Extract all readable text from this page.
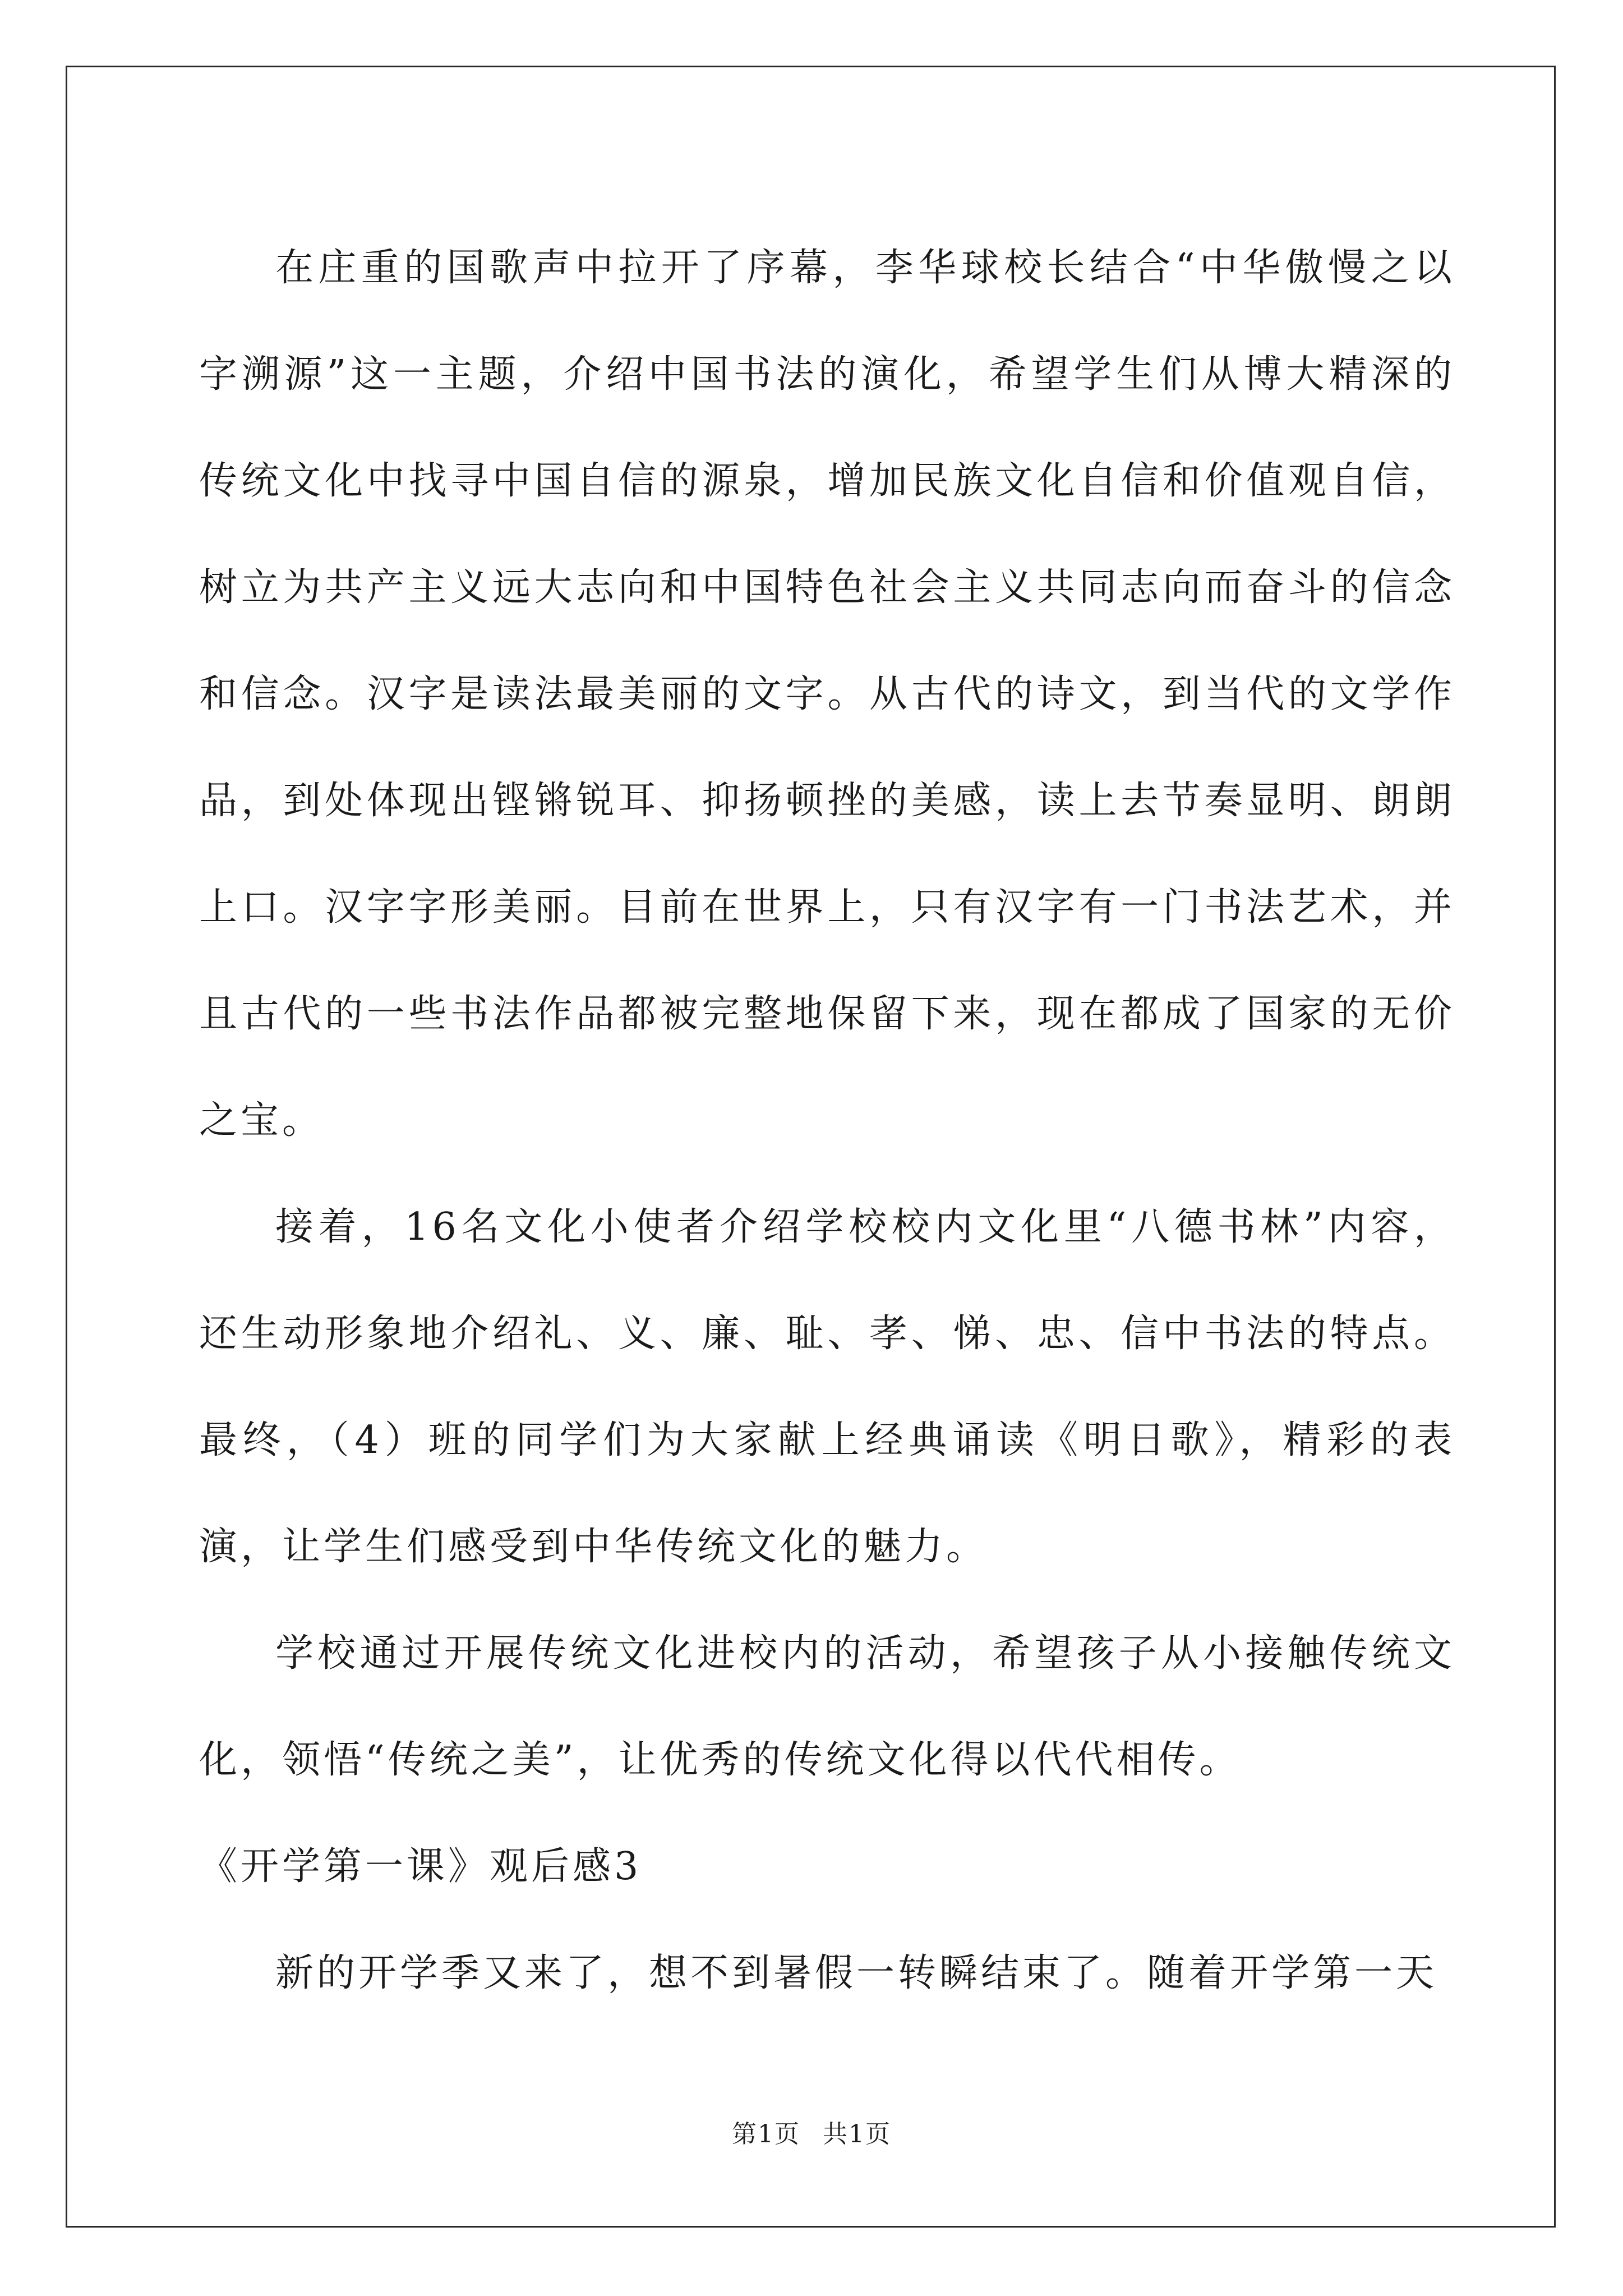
在庄重的国歌声中拉开了序幕，李华球校长结合“中华傲慢之以字溯源”这一主题，介绍中国书法的演化，希望学生们从博大精深的传统文化中找寻中国自信的源泉，增加民族文化自信和价值观自信，树立为共产主义远大志向和中国特色社会主义共同志向而奋斗的信念和信念。汉字是读法最美丽的文字。从古代的诗文，到当代的文学作品，到处体现出铿锵锐耳、抑扬顿挫的美感，读上去节奏显明、朗朗上口。汉字字形美丽。目前在世界上，只有汉字有一门书法艺术，并且古代的一些书法作品都被完整地保留下来，现在都成了国家的无价之宝。

接着，16名文化小使者介绍学校校内文化里“八德书林”内容，还生动形象地介绍礼、义、廉、耻、孝、悌、忠、信中书法的特点。最终，（4）班的同学们为大家献上经典诵读《明日歌》，精彩的表演，让学生们感受到中华传统文化的魅力。

学校通过开展传统文化进校内的活动，希望孩子从小接触传统文化，领悟“传统之美”，让优秀的传统文化得以代代相传。

《开学第一课》观后感3

新的开学季又来了，想不到暑假一转瞬结束了。随着开学第一天

第1页 共1页
